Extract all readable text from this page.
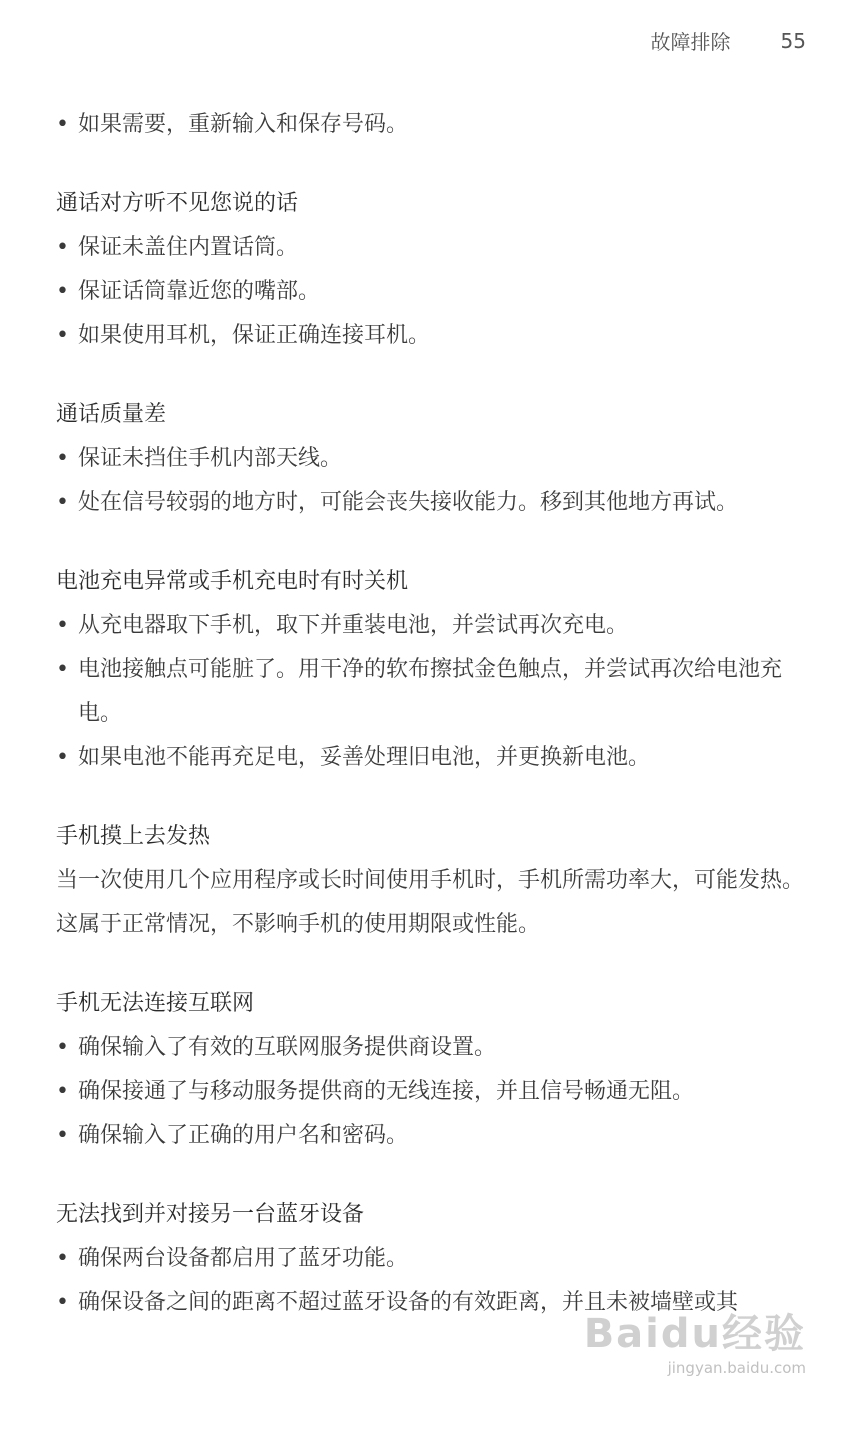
故障排除	55
• 如果需要，重新输入和保存号码。

通话对方听不见您说的话

• 保证未盖住内置话筒。
• 保证话筒靠近您的嘴部。
• 如果使用耳机，保证正确连接耳机。

通话质量差

• 保证未挡住手机内部天线。
• 处在信号较弱的地方时，可能会丧失接收能力。移到其他地方再试。

电池充电异常或手机充电时有时关机

• 从充电器取下手机，取下并重装电池，并尝试再次充电。
• 电池接触点可能脏了。用干净的软布擦拭金色触点，并尝试再次给电池充电。
• 如果电池不能再充足电，妥善处理旧电池，并更换新电池。

手机摸上去发热

当一次使用几个应用程序或长时间使用手机时，手机所需功率大，可能发热。这属于正常情况，不影响手机的使用期限或性能。

手机无法连接互联网

• 确保输入了有效的互联网服务提供商设置。
• 确保接通了与移动服务提供商的无线连接，并且信号畅通无阻。
• 确保输入了正确的用户名和密码。

无法找到并对接另一台蓝牙设备

• 确保两台设备都启用了蓝牙功能。
• 确保设备之间的距离不超过蓝牙设备的有效距离，并且未被墙壁或其
Baidu经验
jingyan.baidu.com
